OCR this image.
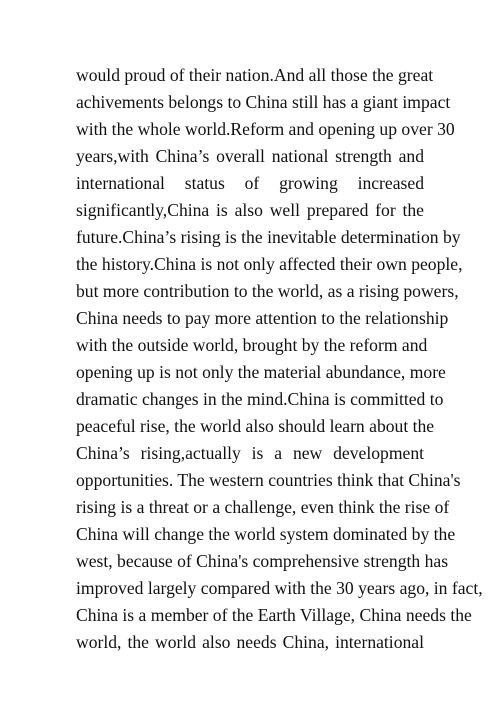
would proud of their nation.And all those the great
achivements belongs to China still has a giant impact
with the whole world.Reform and opening up over 30
years,with China’s overall national strength and
international status of growing increased
significantly,China is also well prepared for the
future.China’s rising is the inevitable determination by
the history.China is not only affected their own people,
but more contribution to the world, as a rising powers,
China needs to pay more attention to the relationship
with the outside world, brought by the reform and
opening up is not only the material abundance, more
dramatic changes in the mind.China is committed to
peaceful rise, the world also should learn about the
China’s rising,actually is a new development
opportunities. The western countries think that China's
rising is a threat or a challenge, even think the rise of
China will change the world system dominated by the
west, because of China's comprehensive strength has
improved largely compared with the 30 years ago, in fact,
China is a member of the Earth Village, China needs the
world, the world also needs China, international
